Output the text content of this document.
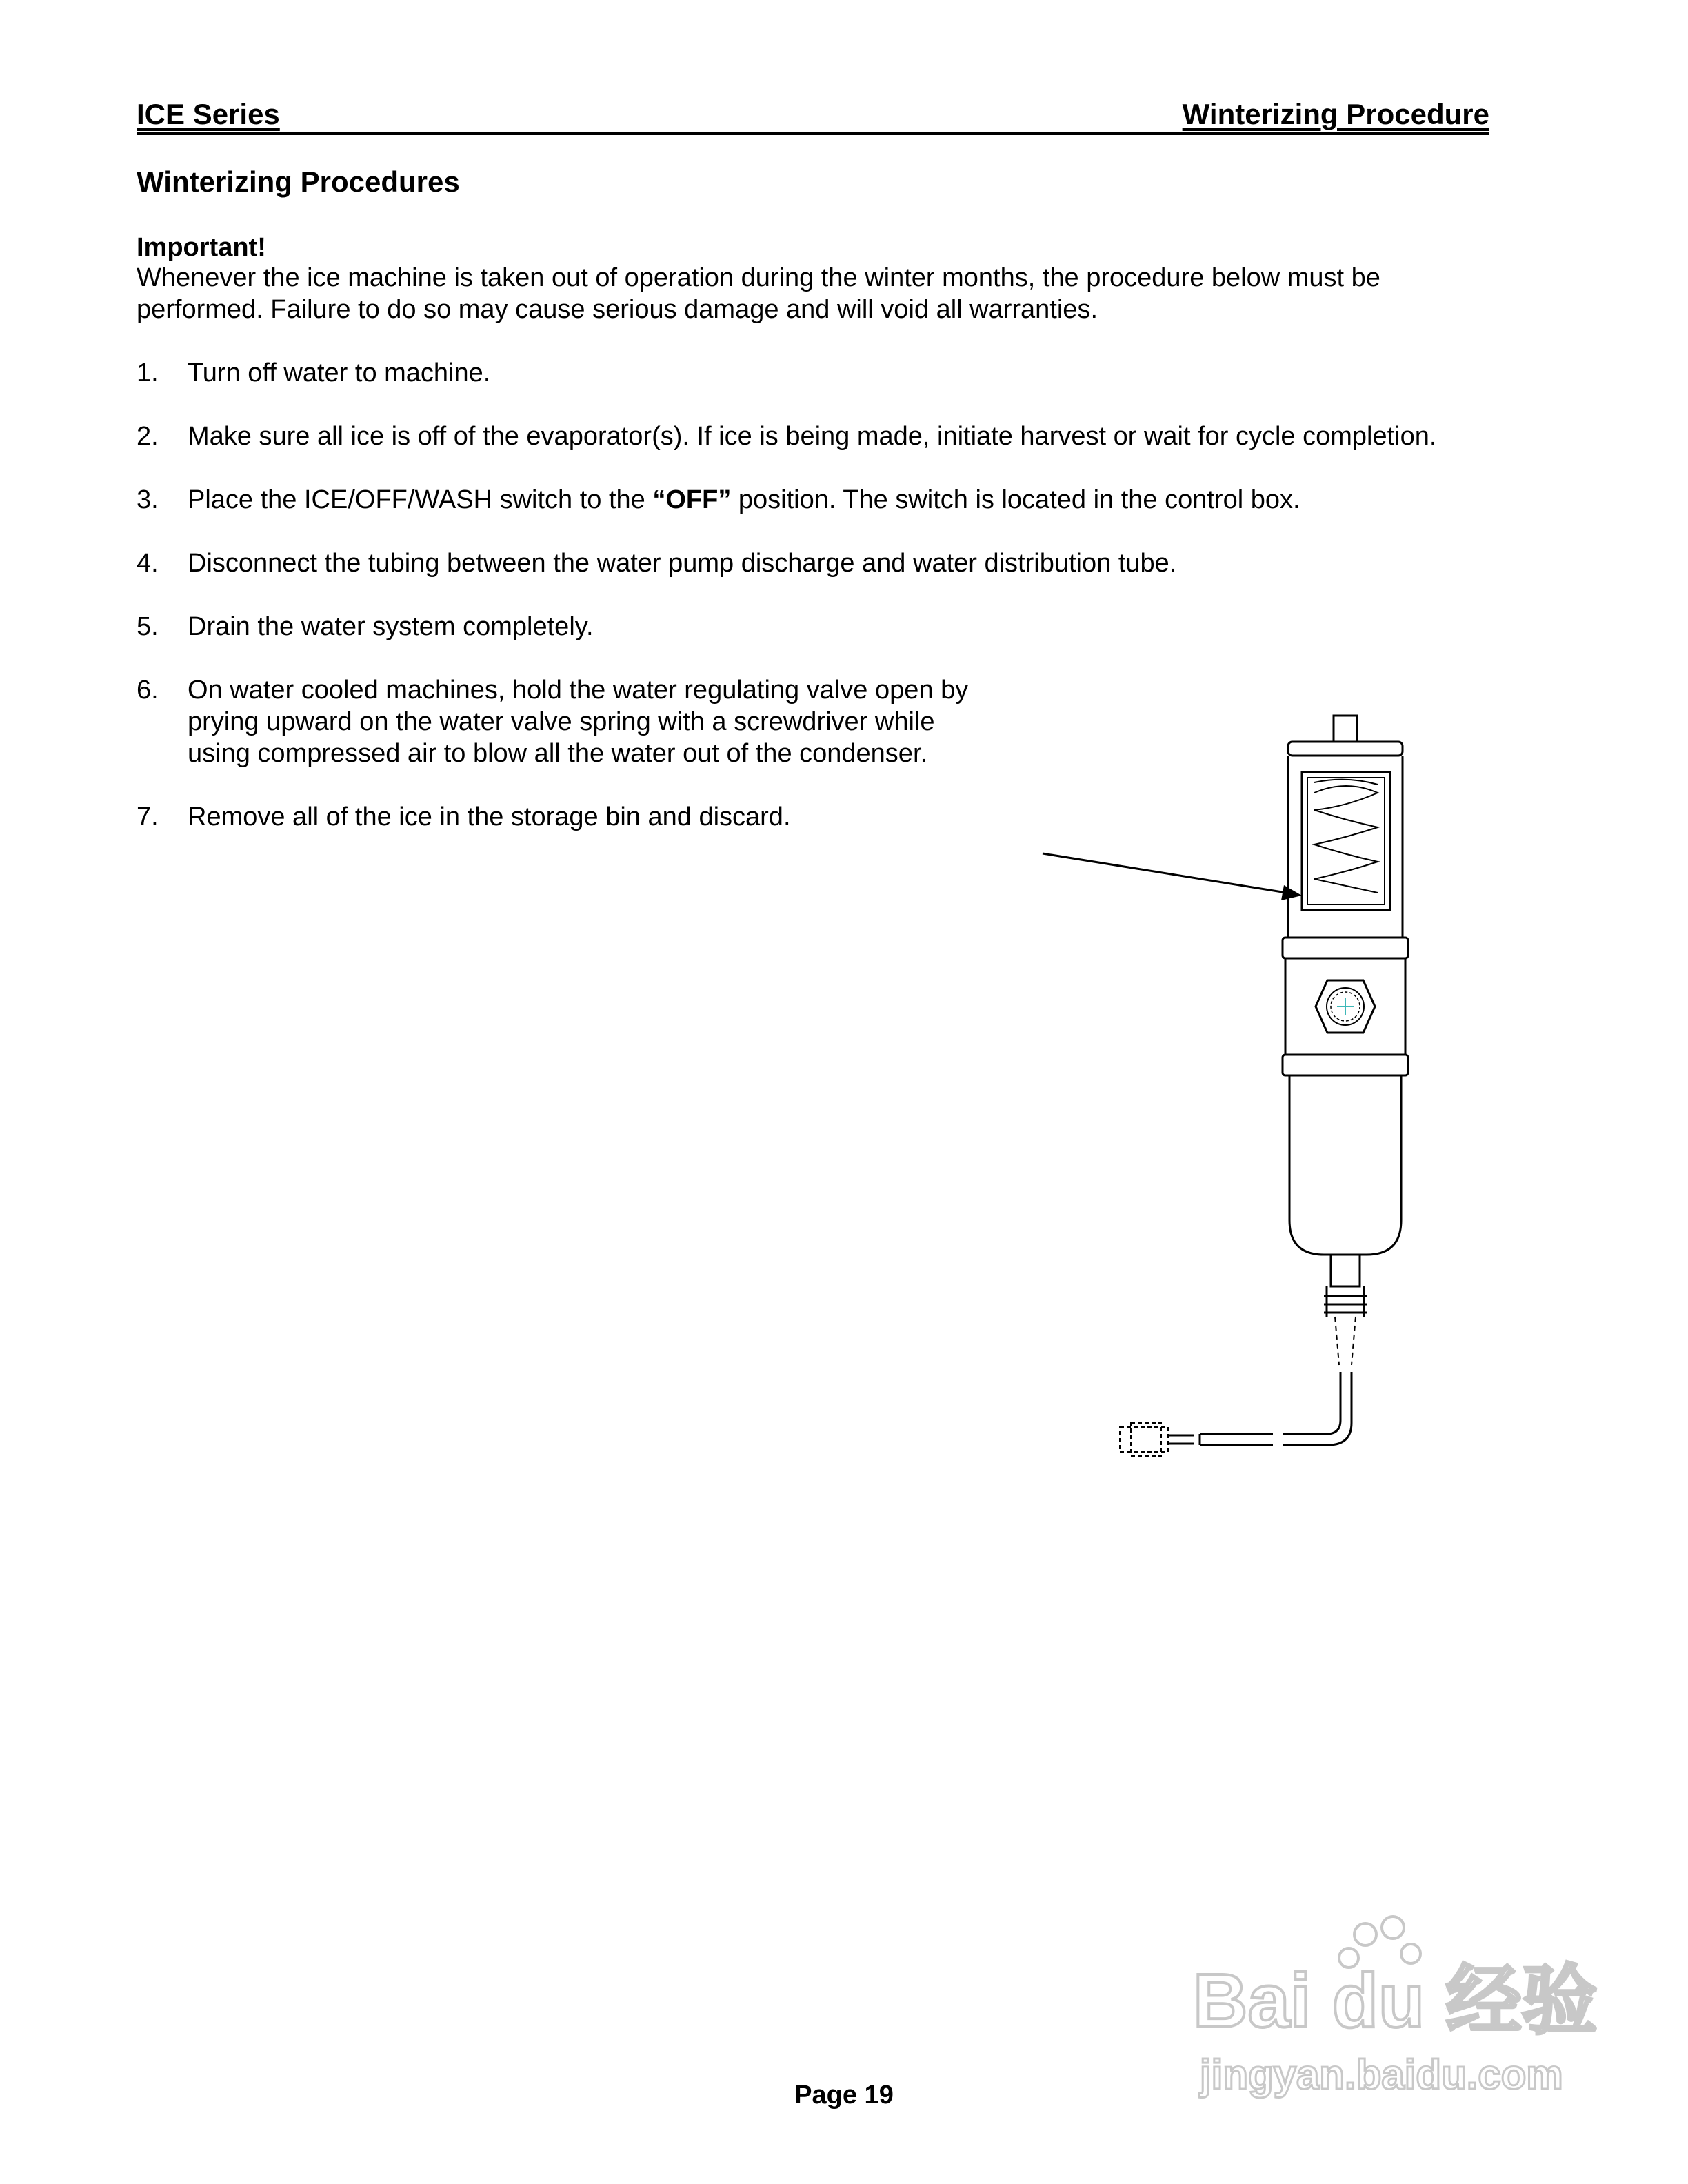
ICE Series	Winterizing Procedure
Winterizing Procedures
Important!
Whenever the ice machine is taken out of operation during the winter months, the procedure below must be performed. Failure to do so may cause serious damage and will void all warranties.
1.	Turn off water to machine.
2.	Make sure all ice is off of the evaporator(s). If ice is being made, initiate harvest or wait for cycle completion.
3.	Place the ICE/OFF/WASH switch to the “OFF” position. The switch is located in the control box.
4.	Disconnect the tubing between the water pump discharge and water distribution tube.
5.	Drain the water system completely.
6.	On water cooled machines, hold the water regulating valve open by
prying upward on the water valve spring with a screwdriver while
using compressed air to blow all the water out of the condenser.
7.	Remove all of the ice in the storage bin and discard.
Page 19
Bai du 经验
jingyan.baidu.com
